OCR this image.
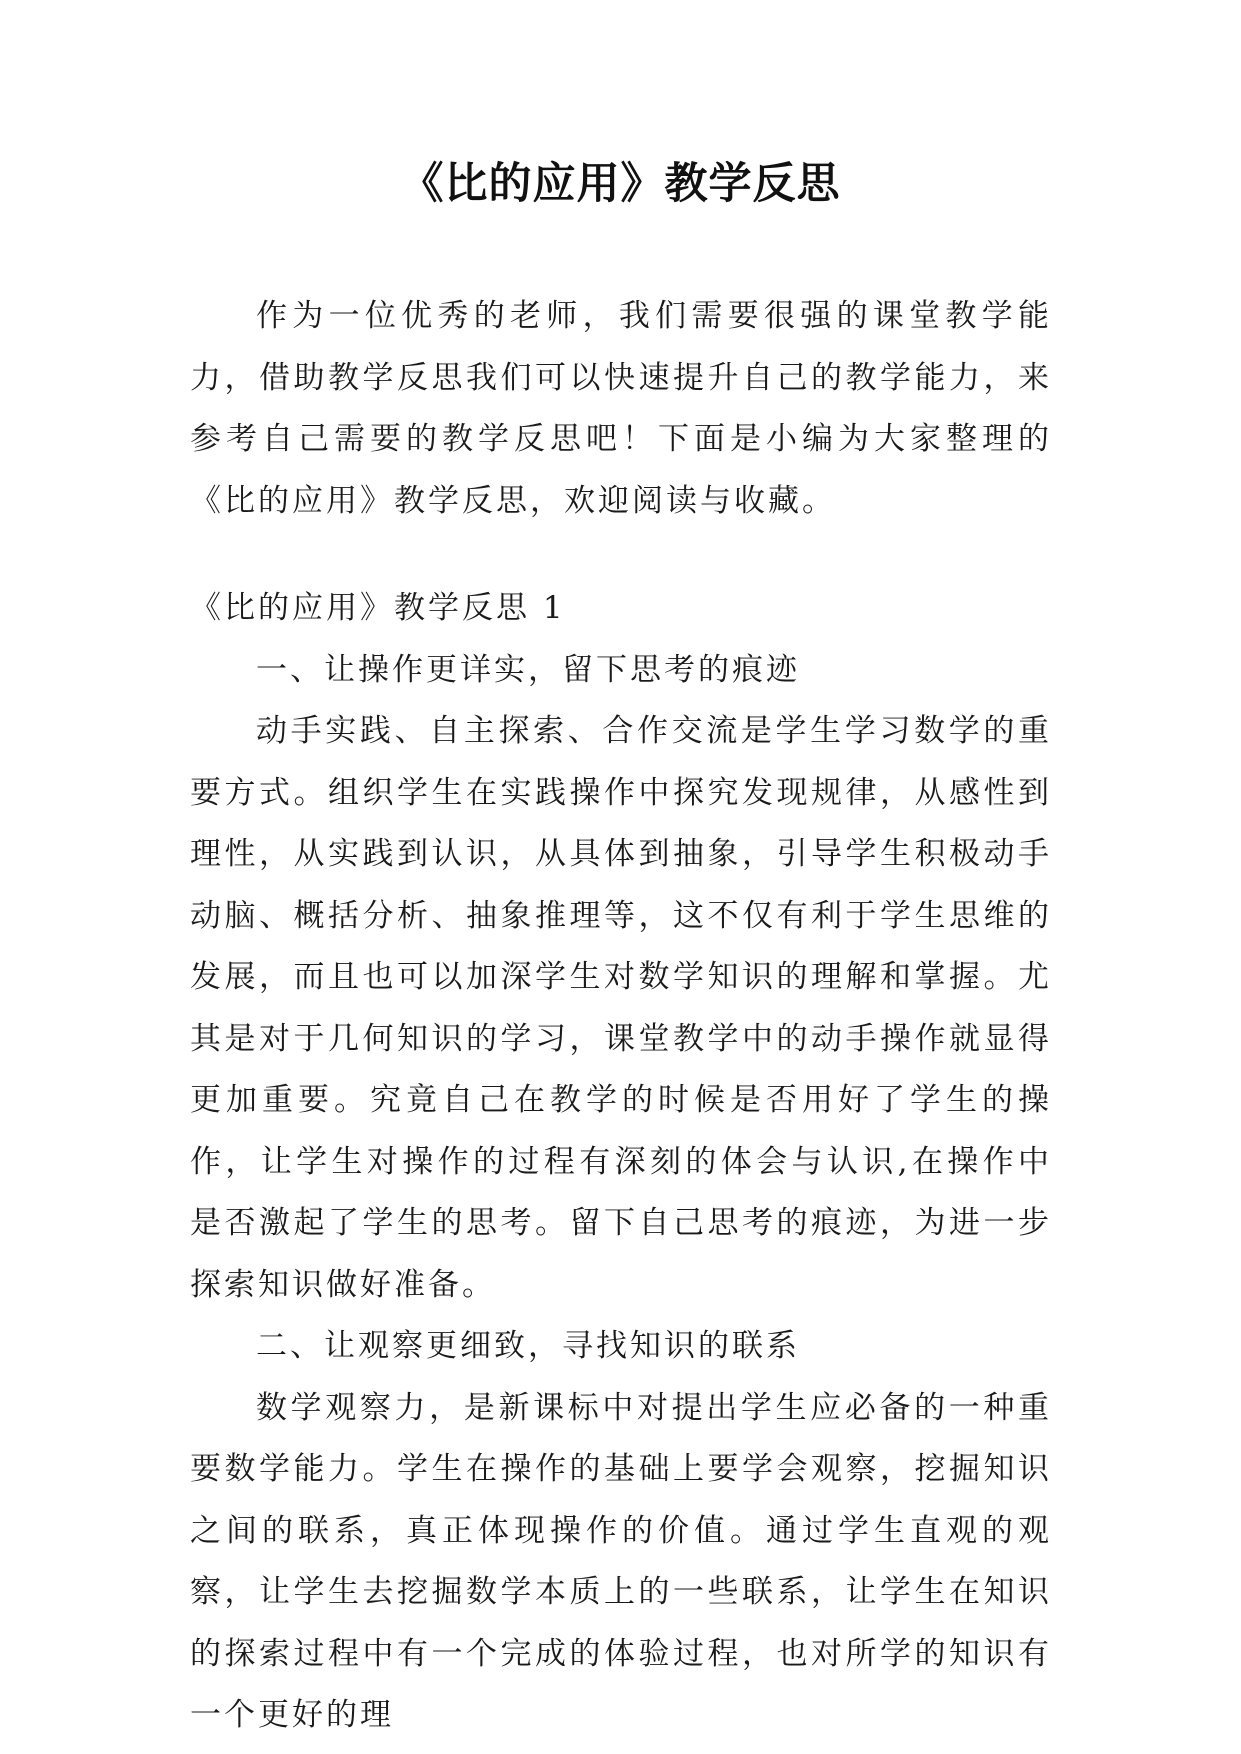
《比的应用》教学反思

作为一位优秀的老师，我们需要很强的课堂教学能力，借助教学反思我们可以快速提升自己的教学能力，来参考自己需要的教学反思吧！下面是小编为大家整理的《比的应用》教学反思，欢迎阅读与收藏。

《比的应用》教学反思 1

一、让操作更详实，留下思考的痕迹

动手实践、自主探索、合作交流是学生学习数学的重要方式。组织学生在实践操作中探究发现规律，从感性到理性，从实践到认识，从具体到抽象，引导学生积极动手动脑、概括分析、抽象推理等，这不仅有利于学生思维的发展，而且也可以加深学生对数学知识的理解和掌握。尤其是对于几何知识的学习，课堂教学中的动手操作就显得更加重要。究竟自己在教学的时候是否用好了学生的操作，让学生对操作的过程有深刻的体会与认识,在操作中是否激起了学生的思考。留下自己思考的痕迹，为进一步探索知识做好准备。

二、让观察更细致，寻找知识的联系

数学观察力，是新课标中对提出学生应必备的一种重要数学能力。学生在操作的基础上要学会观察，挖掘知识之间的联系，真正体现操作的价值。通过学生直观的观察，让学生去挖掘数学本质上的一些联系，让学生在知识的探索过程中有一个完成的体验过程，也对所学的知识有一个更好的理
